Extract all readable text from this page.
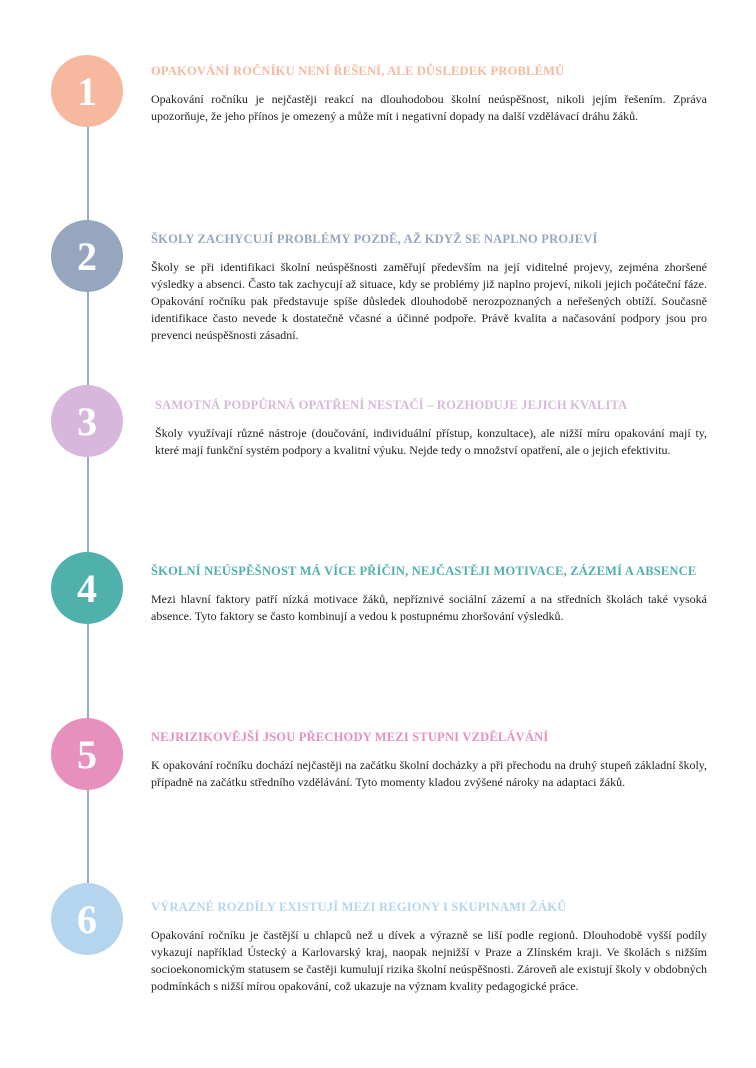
1	OPAKOVÁNÍ ROČNÍKU NENÍ ŘEŠENÍ, ALE DŮSLEDEK PROBLÉMŮ

Opakování ročníku je nejčastěji reakcí na dlouhodobou školní neúspěšnost, nikoli jejím řešením. Zpráva upozorňuje, že jeho přínos je omezený a může mít i negativní dopady na další vzdělávací dráhu žáků.

2	ŠKOLY ZACHYCUJÍ PROBLÉMY POZDĚ, AŽ KDYŽ SE NAPLNO PROJEVÍ

Školy se při identifikaci školní neúspěšnosti zaměřují především na její viditelné projevy, zejména zhoršené výsledky a absenci. Často tak zachycují až situace, kdy se problémy již naplno projeví, nikoli jejich počáteční fáze. Opakování ročníku pak představuje spíše důsledek dlouhodobě nerozpoznaných a neřešených obtíží. Současně identifikace často nevede k dostatečně včasné a účinné podpoře. Právě kvalita a načasování podpory jsou pro prevenci neúspěšnosti zásadní.

3	SAMOTNÁ PODPŮRNÁ OPATŘENÍ NESTAČÍ – ROZHODUJE JEJICH KVALITA

Školy využívají různé nástroje (doučování, individuální přístup, konzultace), ale nižší míru opakování mají ty, které mají funkční systém podpory a kvalitní výuku. Nejde tedy o množství opatření, ale o jejich efektivitu.

4	ŠKOLNÍ NEÚSPĚŠNOST MÁ VÍCE PŘÍČIN, NEJČASTĚJI MOTIVACE, ZÁZEMÍ A ABSENCE

Mezi hlavní faktory patří nízká motivace žáků, nepříznivé sociální zázemí a na středních školách také vysoká absence. Tyto faktory se často kombinují a vedou k postupnému zhoršování výsledků.

5	NEJRIZIKOVĚJŠÍ JSOU PŘECHODY MEZI STUPNI VZDĚLÁVÁNÍ

K opakování ročníku dochází nejčastěji na začátku školní docházky a při přechodu na druhý stupeň základní školy, případně na začátku středního vzdělávání. Tyto momenty kladou zvýšené nároky na adaptaci žáků.

6	VÝRAZNÉ ROZDÍLY EXISTUJÍ MEZI REGIONY I SKUPINAMI ŽÁKŮ

Opakování ročníku je častější u chlapců než u dívek a výrazně se liší podle regionů. Dlouhodobě vyšší podíly vykazují například Ústecký a Karlovarský kraj, naopak nejnižší v Praze a Zlínském kraji. Ve školách s nižším socioekonomickým statusem se častěji kumulují rizika školní neúspěšnosti. Zároveň ale existují školy v obdobných podmínkách s nižší mírou opakování, což ukazuje na význam kvality pedagogické práce.
